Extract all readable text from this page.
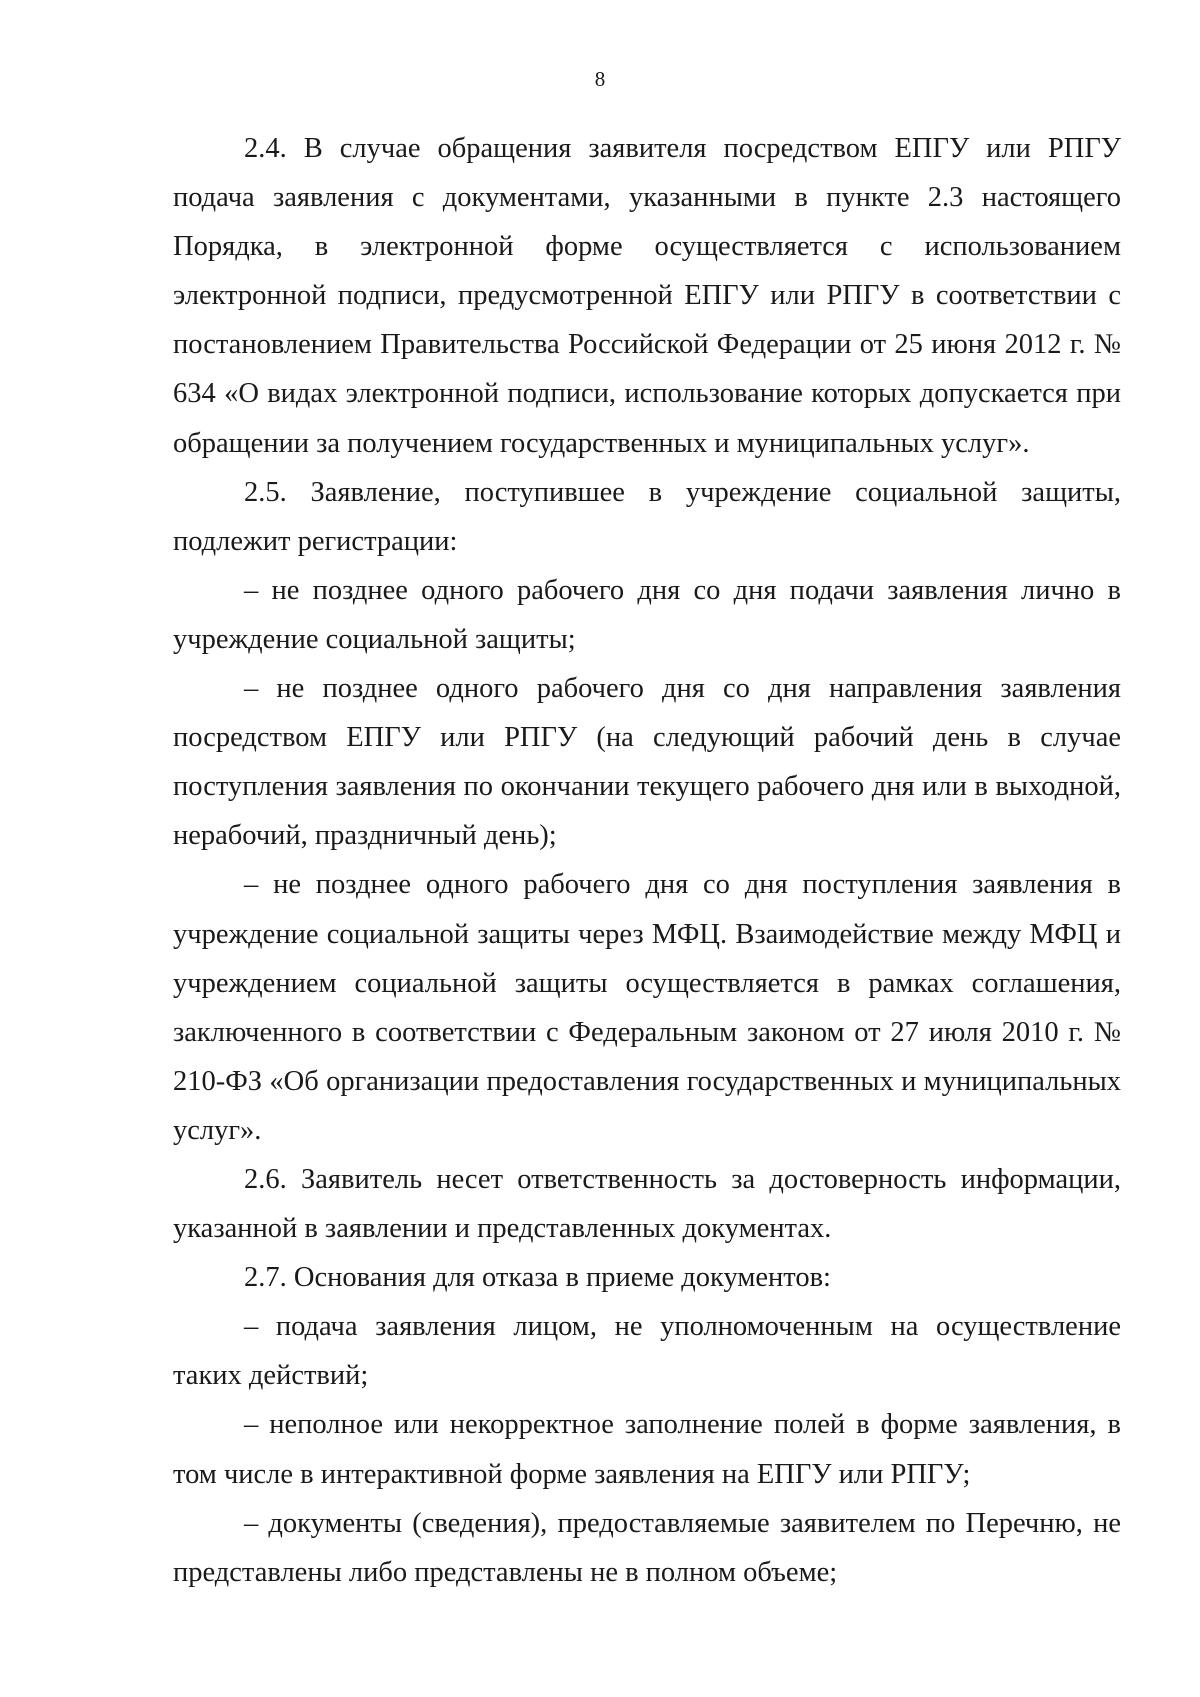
8

2.4. В случае обращения заявителя посредством ЕПГУ или РПГУ подача заявления с документами, указанными в пункте 2.3 настоящего Порядка, в электронной форме осуществляется с использованием электронной подписи, предусмотренной ЕПГУ или РПГУ в соответствии с постановлением Правительства Российской Федерации от 25 июня 2012 г. № 634 «О видах электронной подписи, использование которых допускается при обращении за получением государственных и муниципальных услуг».

2.5. Заявление, поступившее в учреждение социальной защиты, подлежит регистрации:

– не позднее одного рабочего дня со дня подачи заявления лично в учреждение социальной защиты;

– не позднее одного рабочего дня со дня направления заявления посредством ЕПГУ или РПГУ (на следующий рабочий день в случае поступления заявления по окончании текущего рабочего дня или в выходной, нерабочий, праздничный день);

– не позднее одного рабочего дня со дня поступления заявления в учреждение социальной защиты через МФЦ. Взаимодействие между МФЦ и учреждением социальной защиты осуществляется в рамках соглашения, заключенного в соответствии с Федеральным законом от 27 июля 2010 г. № 210-ФЗ «Об организации предоставления государственных и муниципальных услуг».

2.6. Заявитель несет ответственность за достоверность информации, указанной в заявлении и представленных документах.

2.7. Основания для отказа в приеме документов:

– подача заявления лицом, не уполномоченным на осуществление таких действий;

– неполное или некорректное заполнение полей в форме заявления, в том числе в интерактивной форме заявления на ЕПГУ или РПГУ;

– документы (сведения), предоставляемые заявителем по Перечню, не представлены либо представлены не в полном объеме;
